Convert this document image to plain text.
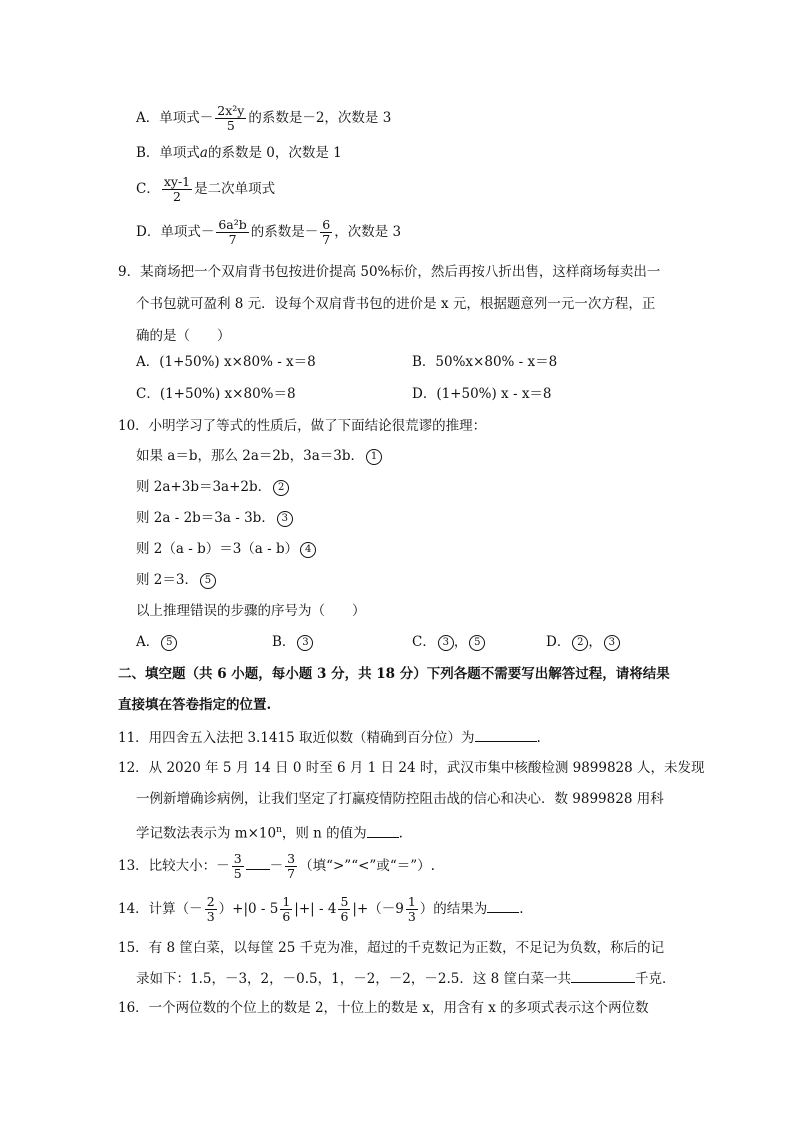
A．单项式－ $\frac{\text{2x²y}}{5}$ 的系数是－2，次数是 3
B．单项式a的系数是 0，次数是 1
C． $\frac{xy-1}{2}$ 是二次单项式
D．单项式－ $\frac{\text{6a²b}}{7}$ 的系数是－ $\frac{6}{7}$ ，次数是 3
9．某商场把一个双肩背书包按进价提高 50%标价，然后再按八折出售，这样商场每卖出一
个书包就可盈利 8 元．设每个双肩背书包的进价是 x 元，根据题意列一元一次方程，正
确的是（　　）
A．(1+50%) x×80% - x＝8	B．50%x×80% - x＝8
C．(1+50%) x×80%＝8	D．(1+50%) x - x＝8
10．小明学习了等式的性质后，做了下面结论很荒谬的推理：
如果 a＝b，那么 2a＝2b，3a＝3b． 1
则 2a+3b＝3a+2b． 2
则 2a - 2b＝3a - 3b． 3
则 2（a - b）＝3（a - b） 4
则 2＝3． 5
以上推理错误的步骤的序号为（　　）
A． 5	B． 3	C． 3 ， 5	D． 2 ， 3
二、填空题（共 6 小题，每小题 3 分，共 18 分）下列各题不需要写出解答过程，请将结果
直接填在答卷指定的位置.
11．用四舍五入法把 3.1415 取近似数（精确到百分位）为	.
12．从 2020 年 5 月 14 日 0 时至 6 月 1 日 24 时，武汉市集中核酸检测 9899828 人，未发现
一例新增确诊病例，让我们坚定了打赢疫情防控阻击战的信心和决心．数 9899828 用科
学记数法表示为 $m\times 10^n$，则 n 的值为 .
13．比较大小：－ $\frac{3}{5} - \frac{3}{7}$ （填“>”“<”或“＝”）.
14．计算（－ $\frac{2}{3} )+|0 - 5 \frac{1}{6}$ |+| - $4 \frac{5}{6} |+(-9 \frac{1}{3}$ ）的结果为 .
15．有 8 筐白菜，以每筐 25 千克为准，超过的千克数记为正数，不足记为负数，称后的记
录如下：1.5，－3，2，－0.5，1，－2，－2，－2.5．这 8 筐白菜一共	千克．
16．一个两位数的个位上的数是 2，十位上的数是 x，用含有 x 的多项式表示这个两位数
